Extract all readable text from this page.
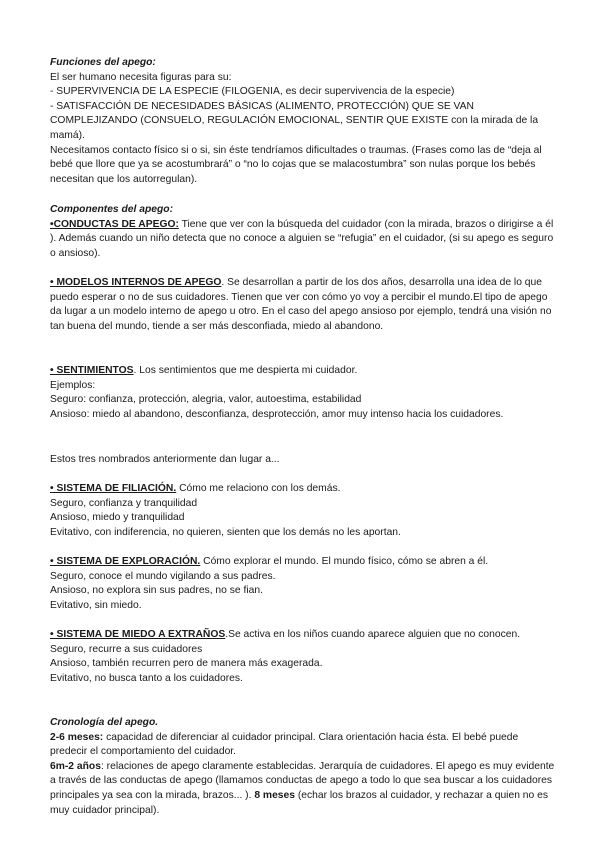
Funciones del apego:

El ser humano necesita figuras para su:

- SUPERVIVENCIA DE LA ESPECIE (FILOGENIA, es decir supervivencia de la especie)

- SATISFACCIÓN DE NECESIDADES BÁSICAS (ALIMENTO, PROTECCIÓN) QUE SE VAN COMPLEJIZANDO (CONSUELO, REGULACIÓN EMOCIONAL, SENTIR QUE EXISTE con la mirada de la mamá).

Necesitamos contacto físico si o si, sin éste tendríamos dificultades o traumas. (Frases como las de “deja al bebé que llore que ya se acostumbrará” o “no lo cojas que se malacostumbra” son nulas porque los bebés necesitan que los autorregulan).

Componentes del apego:

•CONDUCTAS DE APEGO: Tiene que ver con la búsqueda del cuidador (con la mirada, brazos o dirigirse a él ). Además cuando un niño detecta que no conoce a alguien se “refugia” en el cuidador, (si su apego es seguro o ansioso).

• MODELOS INTERNOS DE APEGO. Se desarrollan a partir de los dos años, desarrolla una idea de lo que puedo esperar o no de sus cuidadores. Tienen que ver con cómo yo voy a percibir el mundo.El tipo de apego da lugar a un modelo interno de apego u otro. En el caso del apego ansioso por ejemplo, tendrá una visión no tan buena del mundo, tiende a ser más desconfiada, miedo al abandono.

• SENTIMIENTOS. Los sentimientos que me despierta mi cuidador.

Ejemplos:

Seguro: confianza, protección, alegria, valor, autoestima, estabilidad

Ansioso: miedo al abandono, desconfianza, desprotección, amor muy intenso hacia los cuidadores.

Estos tres nombrados anteriormente dan lugar a...

• SISTEMA DE FILIACIÓN. Cómo me relaciono con los demás.

Seguro, confianza y tranquilidad

Ansioso, miedo y tranquilidad

Evitativo, con indiferencia, no quieren, sienten que los demás no les aportan.

• SISTEMA DE EXPLORACIÓN. Cómo explorar el mundo. El mundo físico, cómo se abren a él.

Seguro, conoce el mundo vigilando a sus padres.

Ansioso, no explora sin sus padres, no se fian.

Evitativo, sin miedo.

• SISTEMA DE MIEDO A EXTRAÑOS.Se activa en los niños cuando aparece alguien que no conocen.

Seguro, recurre a sus cuidadores

Ansioso, también recurren pero de manera más exagerada.

Evitativo, no busca tanto a los cuidadores.

Cronología del apego.

2-6 meses: capacidad de diferenciar al cuidador principal. Clara orientación hacia ésta. El bebé puede predecir el comportamiento del cuidador.

6m-2 años: relaciones de apego claramente establecidas. Jerarquía de cuidadores. El apego es muy evidente a través de las conductas de apego (llamamos conductas de apego a todo lo que sea buscar a los cuidadores principales ya sea con la mirada, brazos... ). 8 meses (echar los brazos al cuidador, y rechazar a quien no es muy cuidador principal).
